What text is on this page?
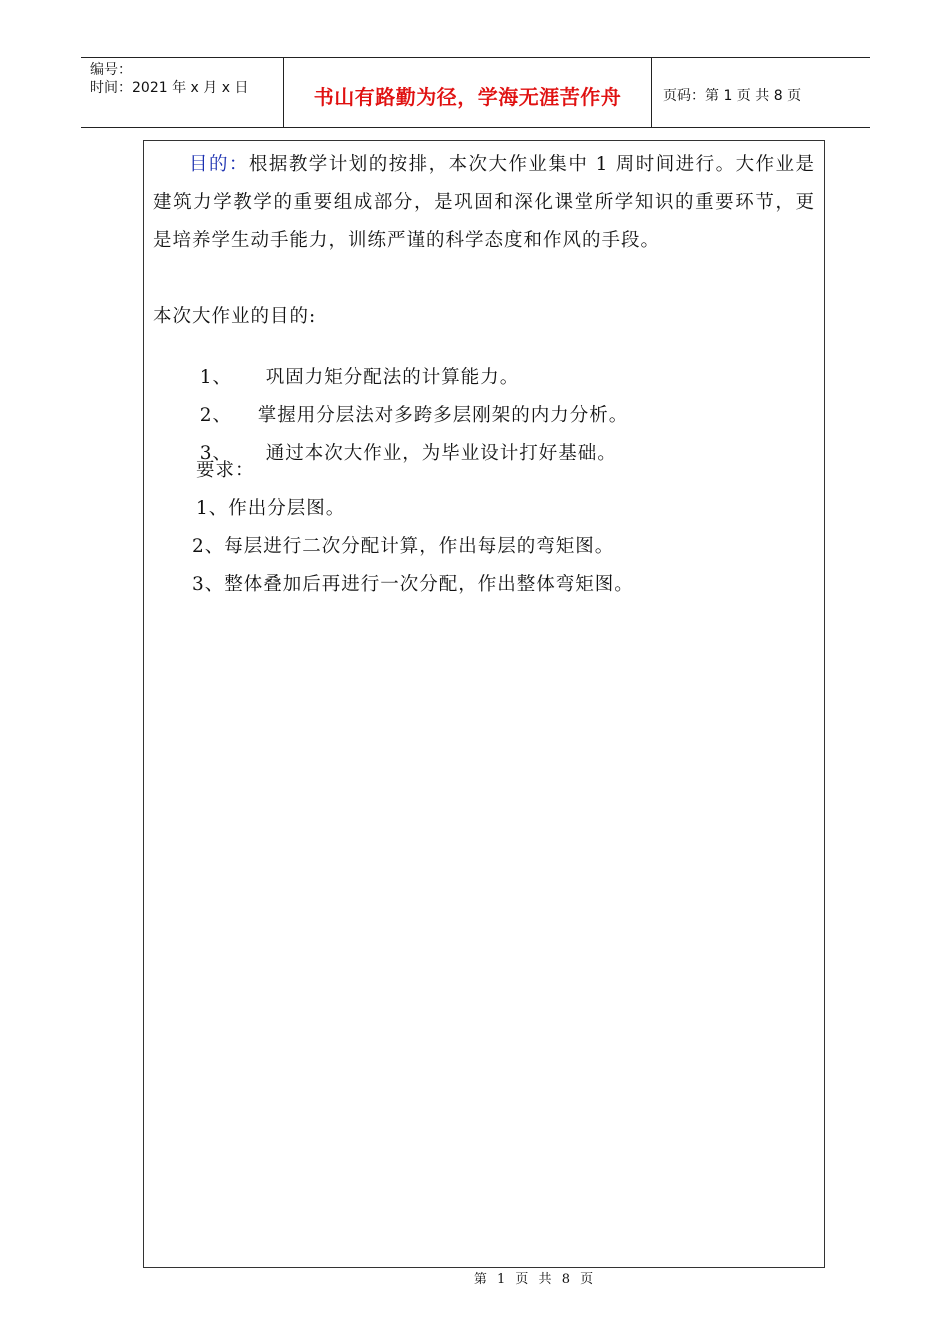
编号：
时间：2021 年 x 月 x 日	书山有路勤为径，学海无涯苦作舟	页码：第 1 页 共 8 页

目的：根据教学计划的按排，本次大作业集中 1 周时间进行。大作业是建筑力学教学的重要组成部分，是巩固和深化课堂所学知识的重要环节，更是培养学生动手能力，训练严谨的科学态度和作风的手段。

本次大作业的目的:

1、 巩固力矩分配法的计算能力。

2、 掌握用分层法对多跨多层刚架的内力分析。

3、 通过本次大作业，为毕业设计打好基础。

要求：
1、作出分层图。
2、每层进行二次分配计算，作出每层的弯矩图。
3、整体叠加后再进行一次分配，作出整体弯矩图。
第 1 页 共 8 页
